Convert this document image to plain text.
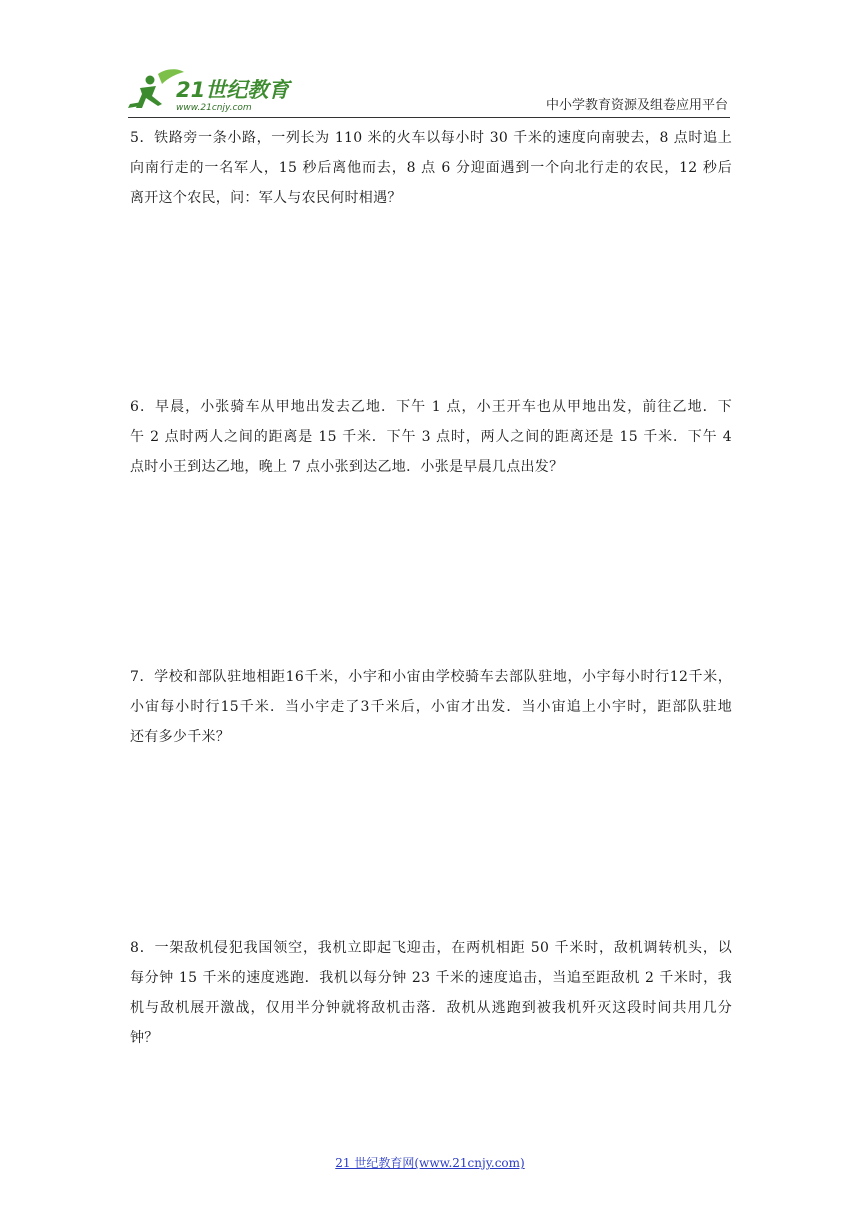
21世纪教育
www.21cnjy.com	中小学教育资源及组卷应用平台
5．铁路旁一条小路，一列长为 110 米的火车以每小时 30 千米的速度向南驶去，8 点时追上
向南行走的一名军人，15 秒后离他而去，8 点 6 分迎面遇到一个向北行走的农民，12 秒后
离开这个农民，问：军人与农民何时相遇？
6．早晨，小张骑车从甲地出发去乙地．下午 1 点，小王开车也从甲地出发，前往乙地．下
午 2 点时两人之间的距离是 15 千米．下午 3 点时，两人之间的距离还是 15 千米．下午 4
点时小王到达乙地，晚上 7 点小张到达乙地．小张是早晨几点出发？
7．学校和部队驻地相距16千米，小宇和小宙由学校骑车去部队驻地，小宇每小时行12千米，
小宙每小时行15千米．当小宇走了3千米后，小宙才出发．当小宙追上小宇时，距部队驻地
还有多少千米？
8．一架敌机侵犯我国领空，我机立即起飞迎击，在两机相距 50 千米时，敌机调转机头，以
每分钟 15 千米的速度逃跑．我机以每分钟 23 千米的速度追击，当追至距敌机 2 千米时，我
机与敌机展开激战，仅用半分钟就将敌机击落．敌机从逃跑到被我机歼灭这段时间共用几分
钟？
21 世纪教育网(www.21cnjy.com)
